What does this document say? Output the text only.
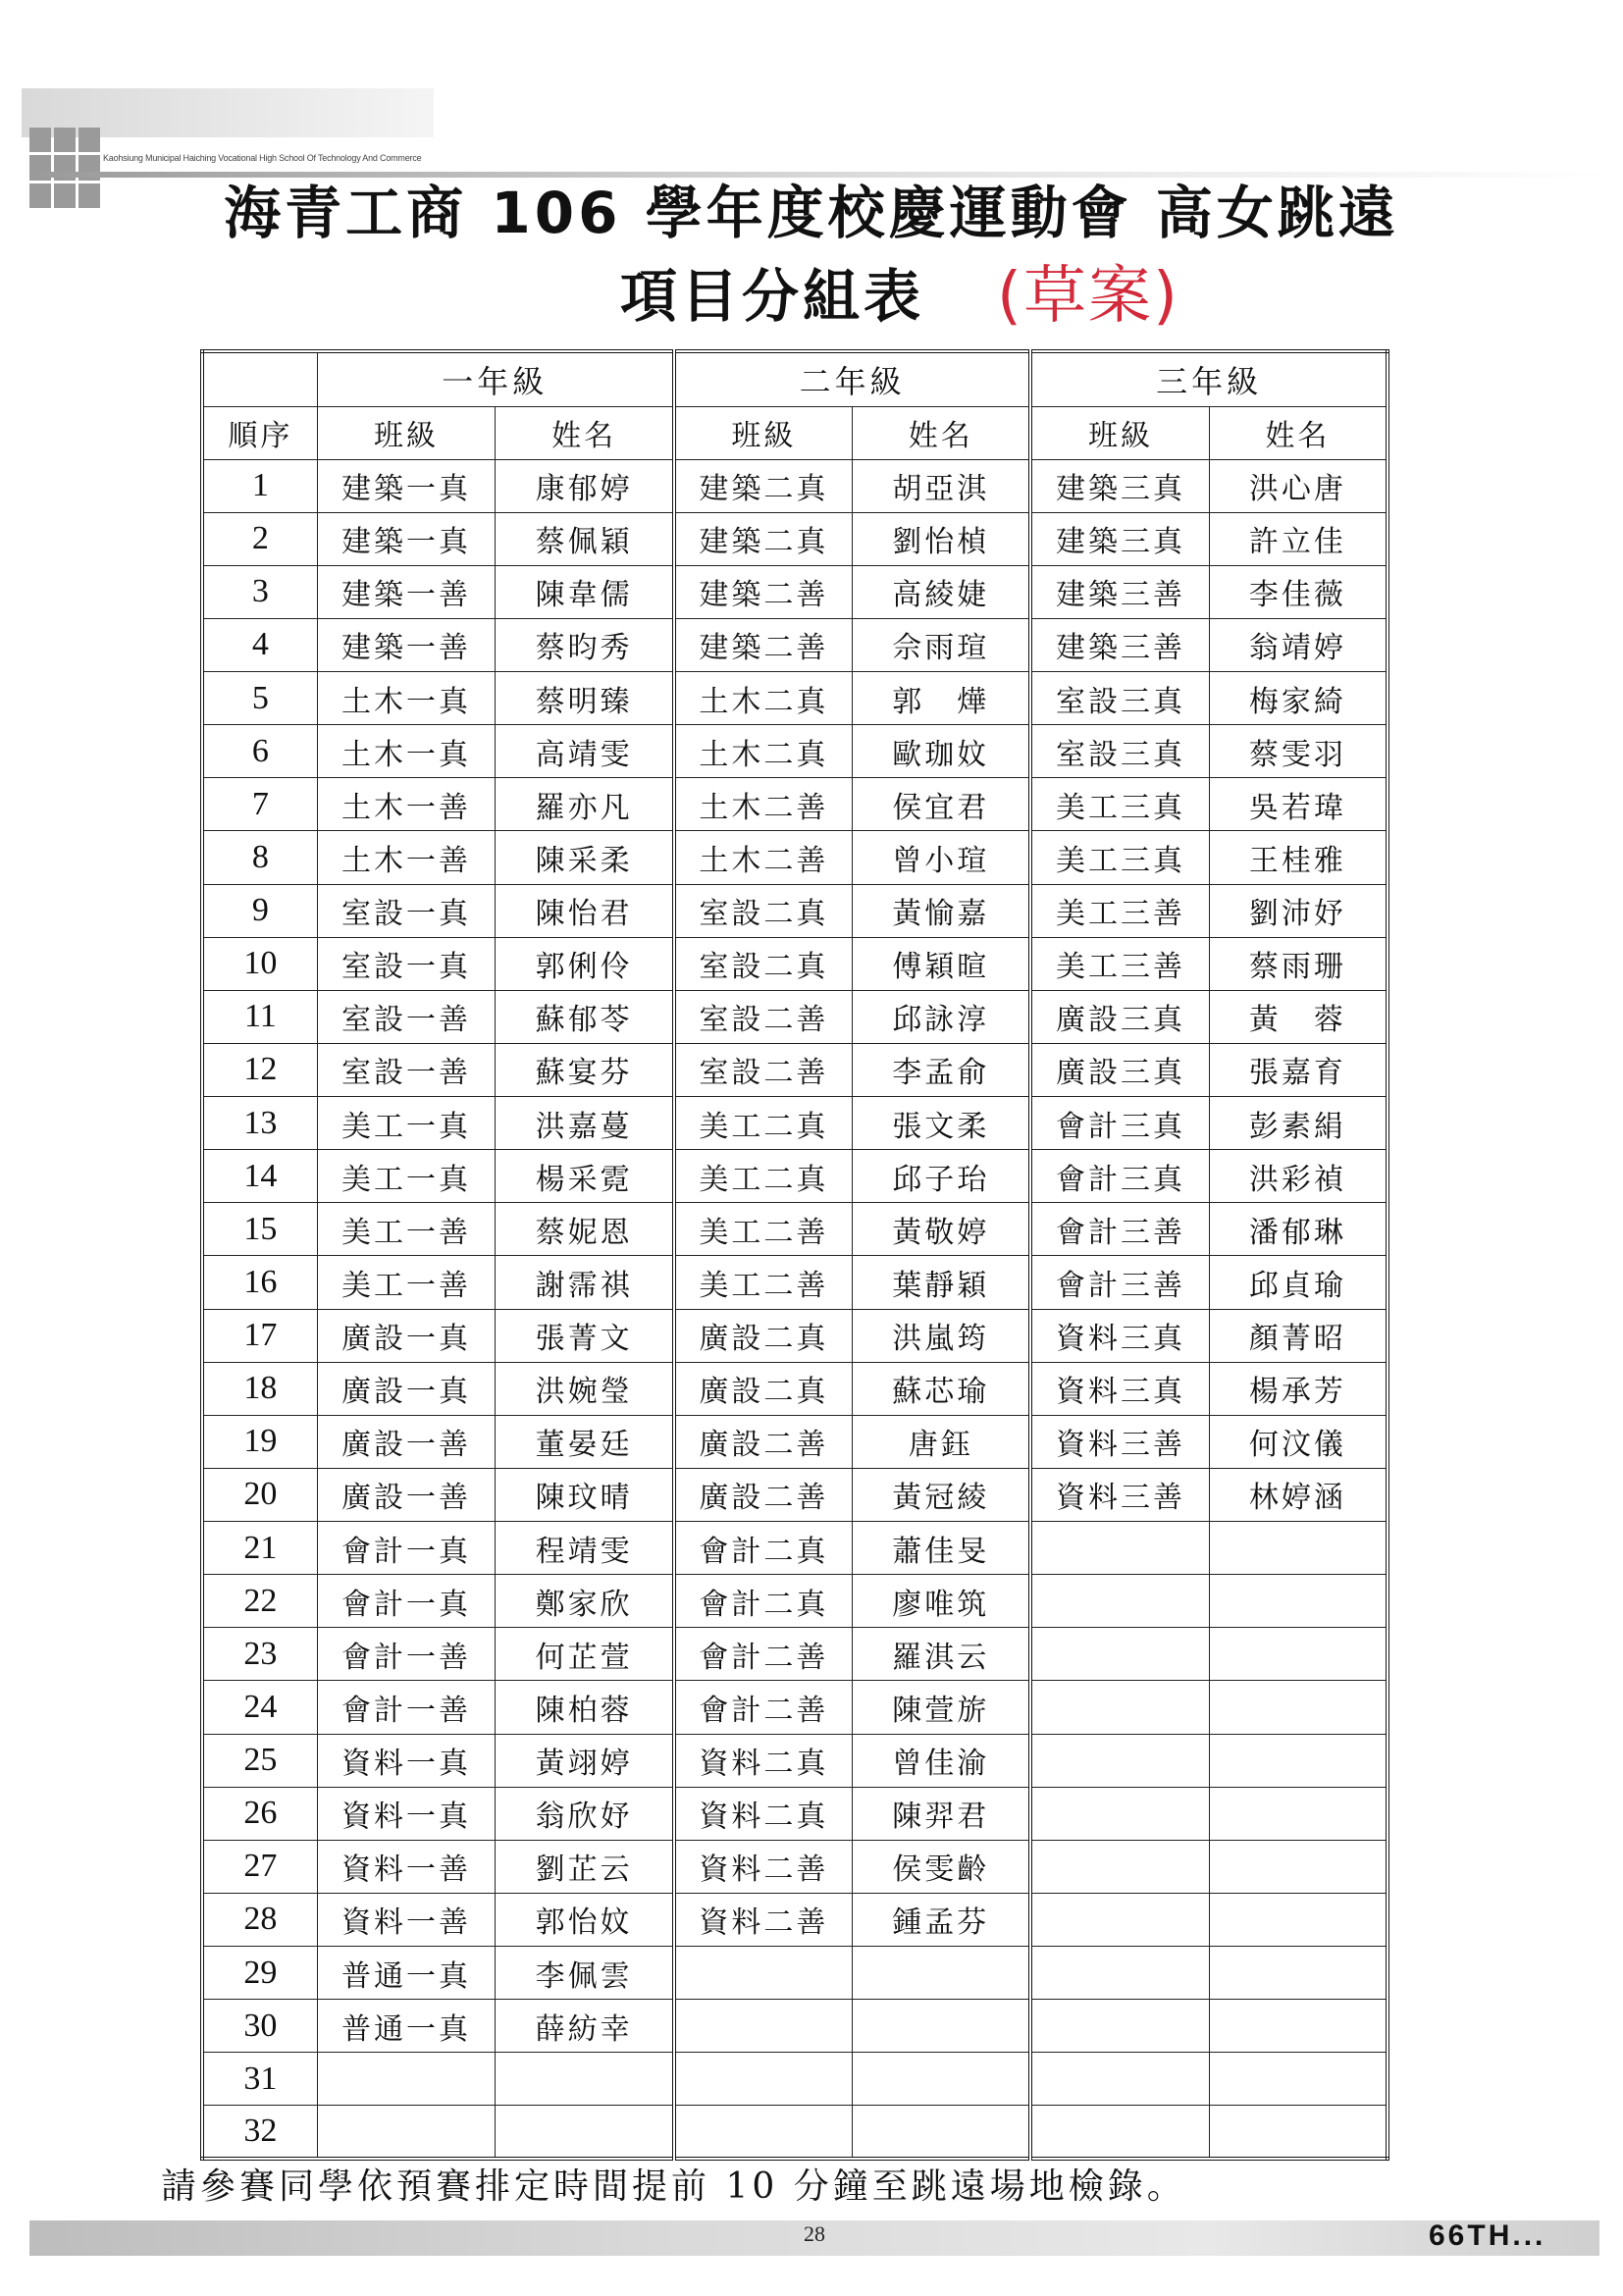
Kaohsiung Municipal Haiching Vocational High School Of Technology And Commerce
海青工商 106 學年度校慶運動會 高女跳遠
項目分組表	(草案)
	一年級		二年級		三年級	
順序	班級	姓名	班級	姓名	班級	姓名
1	建築一真	康郁婷	建築二真	胡亞淇	建築三真	洪心唐
2	建築一真	蔡佩穎	建築二真	劉怡楨	建築三真	許立佳
3	建築一善	陳韋儒	建築二善	高綾婕	建築三善	李佳薇
4	建築一善	蔡昀秀	建築二善	佘雨瑄	建築三善	翁靖婷
5	土木一真	蔡明臻	土木二真	郭　燁	室設三真	梅家綺
6	土木一真	高靖雯	土木二真	歐珈妏	室設三真	蔡雯羽
7	土木一善	羅亦凡	土木二善	侯宜君	美工三真	吳若瑋
8	土木一善	陳采柔	土木二善	曾小瑄	美工三真	王桂雅
9	室設一真	陳怡君	室設二真	黃愉嘉	美工三善	劉沛妤
10	室設一真	郭俐伶	室設二真	傅穎暄	美工三善	蔡雨珊
11	室設一善	蘇郁苓	室設二善	邱詠淳	廣設三真	黃　蓉
12	室設一善	蘇宴芬	室設二善	李孟俞	廣設三真	張嘉育
13	美工一真	洪嘉蔓	美工二真	張文柔	會計三真	彭素絹
14	美工一真	楊采霓	美工二真	邱子珆	會計三真	洪彩禎
15	美工一善	蔡妮恩	美工二善	黃敬婷	會計三善	潘郁琳
16	美工一善	謝霈祺	美工二善	葉靜穎	會計三善	邱貞瑜
17	廣設一真	張菁文	廣設二真	洪嵐筠	資料三真	顏菁昭
18	廣設一真	洪婉瑩	廣設二真	蘇芯瑜	資料三真	楊承芳
19	廣設一善	董晏廷	廣設二善	唐鈺	資料三善	何汶儀
20	廣設一善	陳玟晴	廣設二善	黃冠綾	資料三善	林婷涵
21	會計一真	程靖雯	會計二真	蕭佳旻		
22	會計一真	鄭家欣	會計二真	廖唯筑		
23	會計一善	何芷萱	會計二善	羅淇云		
24	會計一善	陳柏蓉	會計二善	陳萱旂		
25	資料一真	黃翊婷	資料二真	曾佳渝		
26	資料一真	翁欣妤	資料二真	陳羿君		
27	資料一善	劉芷云	資料二善	侯雯齡		
28	資料一善	郭怡妏	資料二善	鍾孟芬		
29	普通一真	李佩雲				
30	普通一真	薛紡幸				
31						
32						
請參賽同學依預賽排定時間提前 10 分鐘至跳遠場地檢錄。
28	66TH...
